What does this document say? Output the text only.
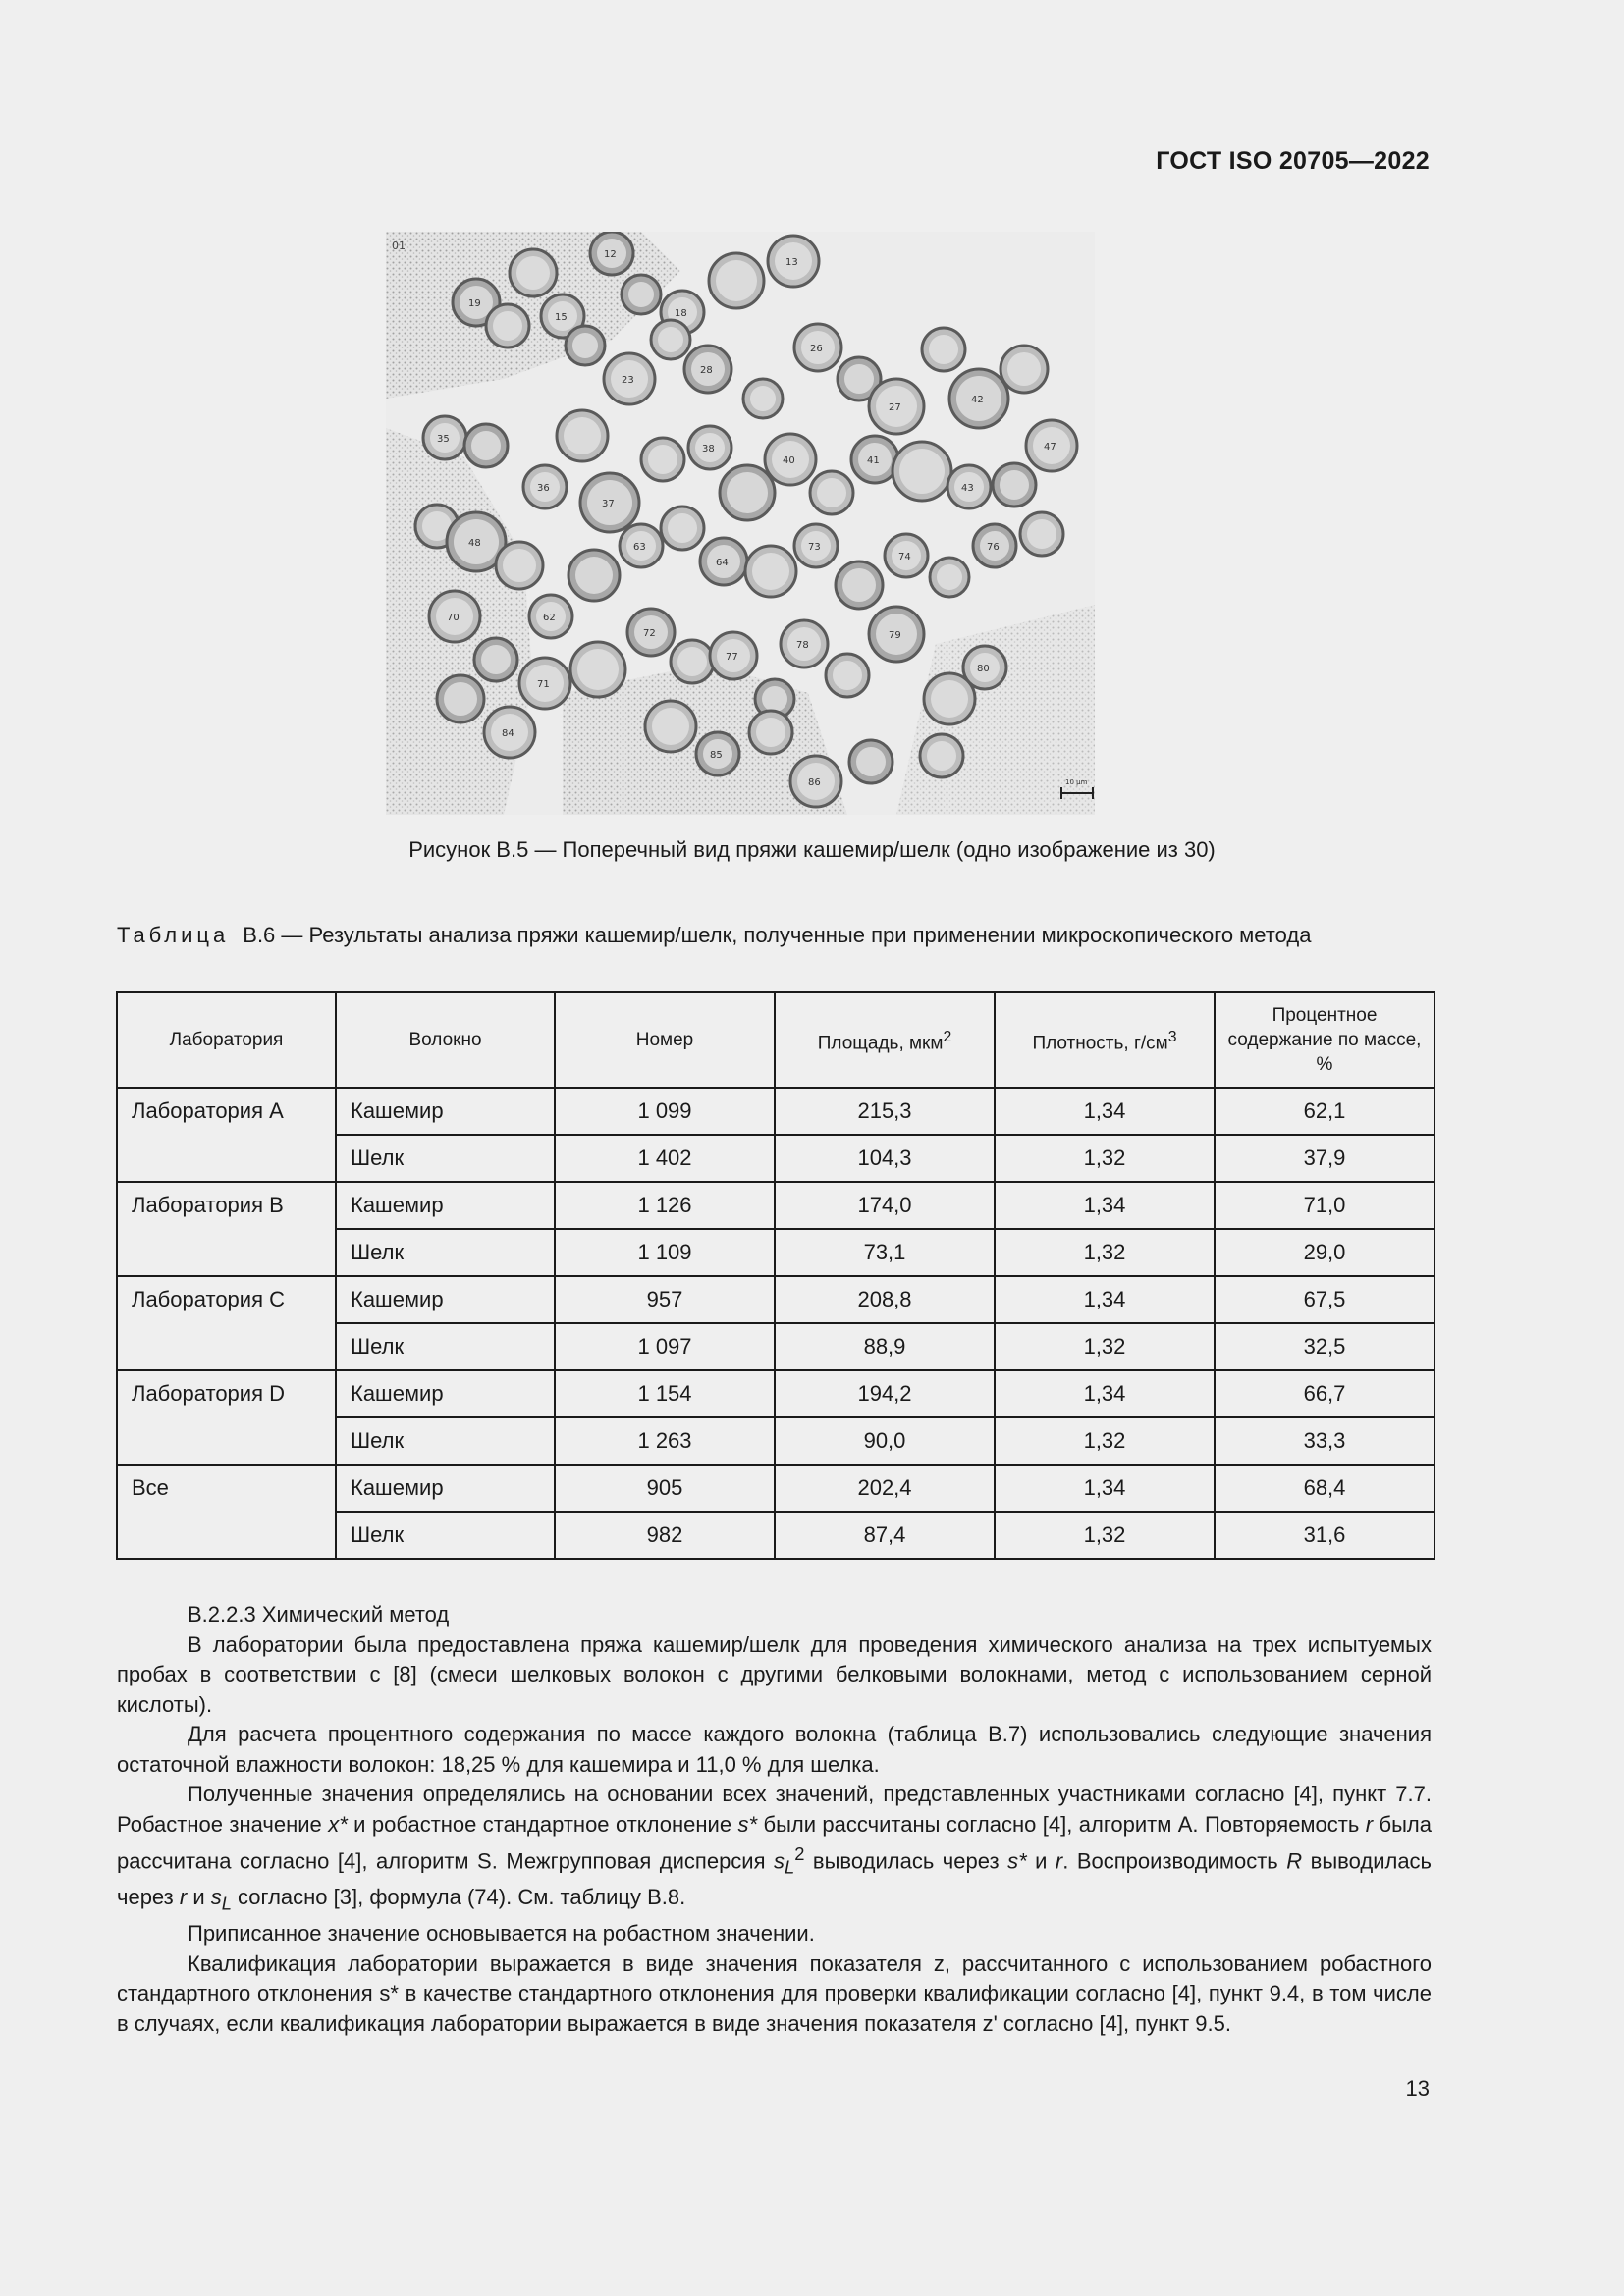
ГОСТ ISO 20705—2022
01
12
13
18
19
15
23
28
26
27
42
35
36
37
38
40	41
43
47
48
62
63
64
73
74
76
70
71
72
77
78
79
80
84
85
86	10 µm
Рисунок В.5 — Поперечный вид пряжи кашемир/шелк (одно изображение из 30)
Таблица В.6 — Результаты анализа пряжи кашемир/шелк, полученные при применении микроскопического метода
Лаборатория	Волокно	Номер	Площадь, мкм$^2$	Плотность, $г/см^3$	Процентное содержание по массе, %
Лаборатория А	Кашемир	1 099	215,3	1,34	62,1
	Шелк	1 402	104,3	1,32	37,9
Лаборатория В	Кашемир	1 126	174,0	1,34	71,0
	Шелк	1 109	73,1	1,32	29,0
Лаборатория С	Кашемир	957	208,8	1,34	67,5
	Шелк	1 097	88,9	1,32	32,5
Лаборатория D	Кашемир	1 154	194,2	1,34	66,7
	Шелк	1 263	90,0	1,32	33,3
Все	Кашемир	905	202,4	1,34	68,4
	Шелк	982	87,4	1,32	31,6

В.2.2.3 Химический метод

В лаборатории была предоставлена пряжа кашемир/шелк для проведения химического анализа на трех испытуемых пробах в соответствии с [8] (смеси шелковых волокон с другими белковыми волокнами, метод с использованием серной кислоты).

Для расчета процентного содержания по массе каждого волокна (таблица В.7) использовались следующие значения остаточной влажности волокон: 18,25 % для кашемира и 11,0 % для шелка.

Полученные значения определялись на основании всех значений, представленных участниками согласно [4], пункт 7.7. Робастное значение x* и робастное стандартное отклонение s* были рассчитаны согласно [4], алгоритм А. Повторяемость r была рассчитана согласно [4], алгоритм S. Межгрупповая дисперсия $s_L^2$ выводилась через s* и r. Воспроизводимость R выводилась через r и $s_L$ согласно [3], формула (74). См. таблицу В.8.

Приписанное значение основывается на робастном значении.

Квалификация лаборатории выражается в виде значения показателя z, рассчитанного с использованием робастного стандартного отклонения s* в качестве стандартного отклонения для проверки квалификации согласно [4], пункт 9.4, в том числе в случаях, если квалификация лаборатории выражается в виде значения показателя z' согласно [4], пункт 9.5.

13
